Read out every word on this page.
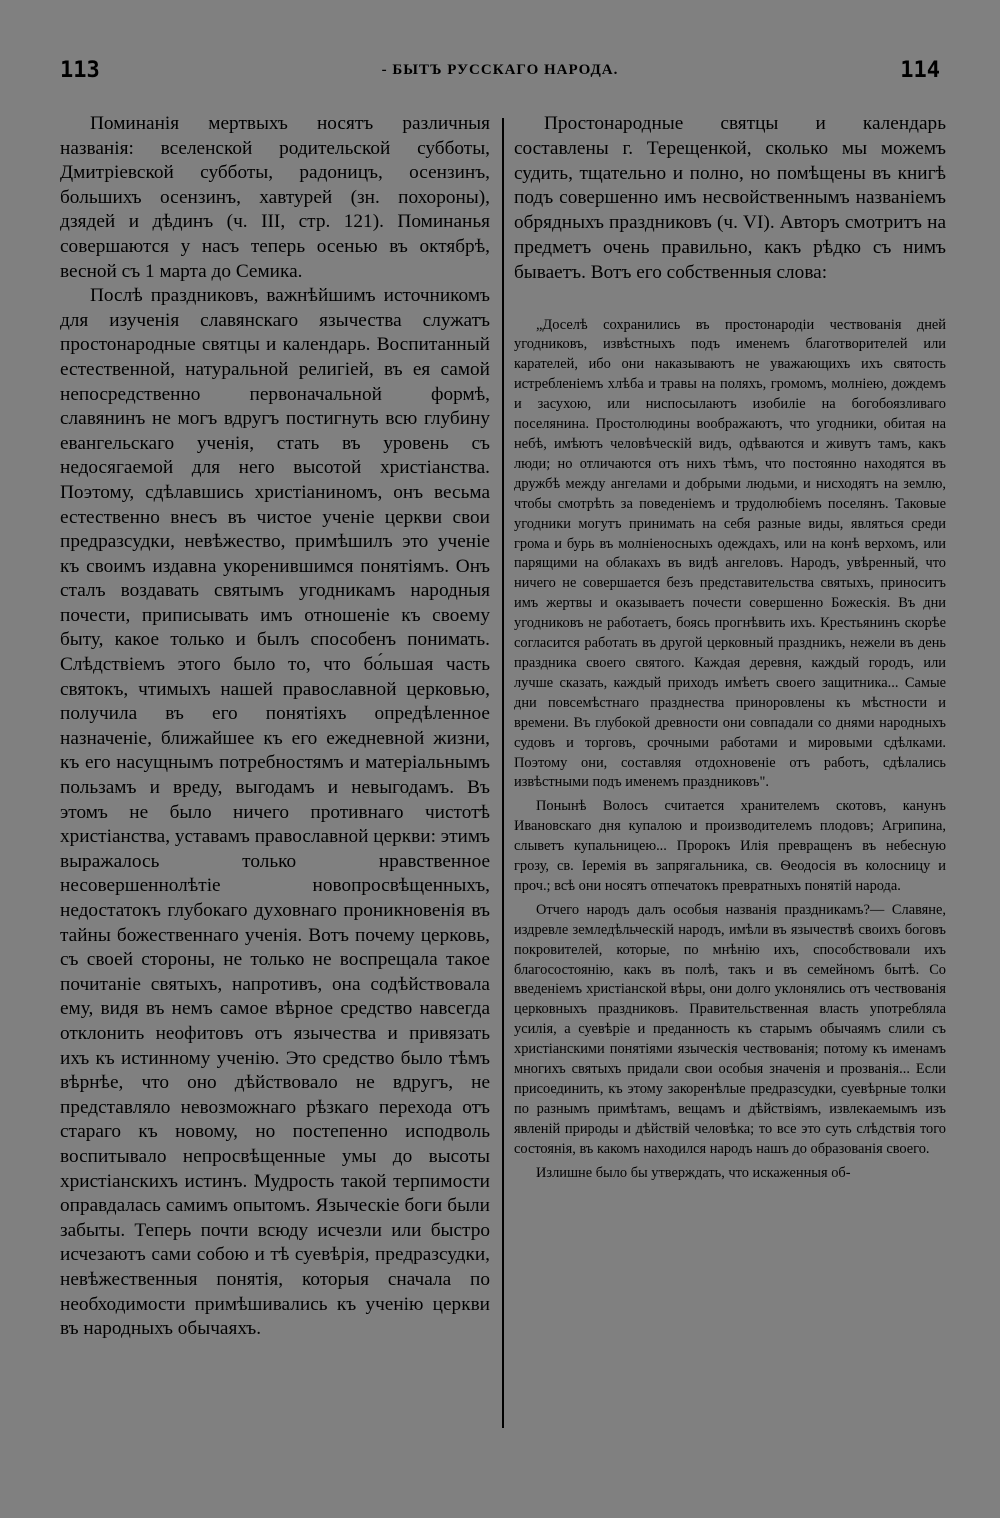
113	- БЫТЪ РУССКАГО НАРОДА.	114

Поминанія мертвыхъ носятъ различныя названія: вселенской родительской субботы, Дмитріевской субботы, радоницъ, осензинъ, большихъ осензинъ, хавтурей (зн. похороны), дзядей и дѣдинъ (ч. III, стр. 121). Поминанья совершаются у насъ теперь осенью въ октябрѣ, весной съ 1 марта до Семика.

Послѣ праздниковъ, важнѣйшимъ источникомъ для изученія славянскаго язычества служатъ простонародные святцы и календарь. Воспитанный естественной, натуральной религіей, въ ея самой непосредственно первоначальной формѣ, славянинъ не могъ вдругъ постигнуть всю глубину евангельскаго ученія, стать въ уровень съ недосягаемой для него высотой христіанства. Поэтому, сдѣлавшись христіаниномъ, онъ весьма естественно внесъ въ чистое ученіе церкви свои предразсудки, невѣжество, примѣшилъ это ученіе къ своимъ издавна укоренившимся понятіямъ. Онъ сталъ воздавать святымъ угодникамъ народныя почести, приписывать имъ отношеніе къ своему быту, какое только и былъ способенъ понимать. Слѣдствіемъ этого было то, что бо́льшая часть святокъ, чтимыхъ нашей православной церковью, получила въ его понятіяхъ опредѣленное назначеніе, ближайшее къ его ежедневной жизни, къ его насущнымъ потребностямъ и матеріальнымъ пользамъ и вреду, выгодамъ и невыгодамъ. Въ этомъ не было ничего противнаго чистотѣ христіанства, уставамъ православной церкви: этимъ выражалось только нравственное несовершеннолѣтіе новопросвѣщенныхъ, недостатокъ глубокаго духовнаго проникновенія въ тайны божественнаго ученія. Вотъ почему церковь, съ своей стороны, не только не воспрещала такое почитаніе святыхъ, напротивъ, она содѣйствовала ему, видя въ немъ самое вѣрное средство навсегда отклонить неофитовъ отъ язычества и привязать ихъ къ истинному ученію. Это средство было тѣмъ вѣрнѣе, что оно дѣйствовало не вдругъ, не представляло невозможнаго рѣзкаго перехода отъ стараго къ новому, но постепенно исподволь воспитывало непросвѣщенные умы до высоты христіанскихъ истинъ. Мудрость такой терпимости оправдалась самимъ опытомъ. Языческіе боги были забыты. Теперь почти всюду исчезли или быстро исчезаютъ сами собою и тѣ суевѣрія, предразсудки, невѣжественныя понятія, которыя сначала по необходимости примѣшивались къ ученію церкви въ народныхъ обычаяхъ.

Простонародные святцы и календарь составлены г. Терещенкой, сколько мы можемъ судить, тщательно и полно, но помѣщены въ книгѣ подъ совершенно имъ несвойственнымъ названіемъ обрядныхъ праздниковъ (ч. VI). Авторъ смотритъ на предметъ очень правильно, какъ рѣдко съ нимъ бываетъ. Вотъ его собственныя слова:

„Доселѣ сохранились въ простонародіи чествованія дней угодниковъ, извѣстныхъ подъ именемъ благотворителей или карателей, ибо они наказываютъ не уважающихъ ихъ святость истребленіемъ хлѣба и травы на поляхъ, громомъ, молніею, дождемъ и засухою, или ниспосылаютъ изобиліе на богобоязливаго поселянина. Простолюдины воображаютъ, что угодники, обитая на небѣ, имѣютъ человѣческій видъ, одѣваются и живутъ тамъ, какъ люди; но отличаются отъ нихъ тѣмъ, что постоянно находятся въ дружбѣ между ангелами и добрыми людьми, и нисходятъ на землю, чтобы смотрѣть за поведеніемъ и трудолюбіемъ поселянъ. Таковые угодники могутъ принимать на себя разные виды, являться среди грома и бурь въ молніеносныхъ одеждахъ, или на конѣ верхомъ, или парящими на облакахъ въ видѣ ангеловъ. Народъ, увѣренный, что ничего не совершается безъ представительства святыхъ, приноситъ имъ жертвы и оказываетъ почести совершенно Божескія. Въ дни угодниковъ не работаетъ, боясь прогнѣвить ихъ. Крестьянинъ скорѣе согласится работать въ другой церковный праздникъ, нежели въ день праздника своего святого. Каждая деревня, каждый городъ, или лучше сказать, каждый приходъ имѣетъ своего защитника... Самые дни повсемѣстнаго празднества приноровлены къ мѣстности и времени. Въ глубокой древности они совпадали со днями народныхъ судовъ и торговъ, срочными работами и мировыми сдѣлками. Поэтому они, составляя отдохновеніе отъ работъ, сдѣлались извѣстными подъ именемъ праздниковъ".

Понынѣ Волосъ считается хранителемъ скотовъ, канунъ Ивановскаго дня купалою и производителемъ плодовъ; Агрипина, слыветъ купальницею... Пророкъ Илія превращенъ въ небесную грозу, св. Іеремія въ запрягальника, св. Ѳеодосія въ колосницу и проч.; всѣ они носятъ отпечатокъ превратныхъ понятій народа.

Отчего народъ далъ особыя названія праздникамъ?— Славяне, издревле земледѣльческій народъ, имѣли въ язычествѣ своихъ боговъ покровителей, которые, по мнѣнію ихъ, способствовали ихъ благосостоянію, какъ въ полѣ, такъ и въ семейномъ бытѣ. Со введеніемъ христіанской вѣры, они долго уклонялись отъ чествованія церковныхъ праздниковъ. Правительственная власть употребляла усилія, а суевѣріе и преданность къ старымъ обычаямъ слили съ христіанскими понятіями языческія чествованія; потому къ именамъ многихъ святыхъ придали свои особыя значенія и прозванія... Если присоединить, къ этому закоренѣлые предразсудки, суевѣрные толки по разнымъ примѣтамъ, вещамъ и дѣйствіямъ, извлекаемымъ изъ явленій природы и дѣйствій человѣка; то все это суть слѣдствія того состоянія, въ какомъ находился народъ нашъ до образованія своего.

Излишне было бы утверждать, что искаженныя об-
